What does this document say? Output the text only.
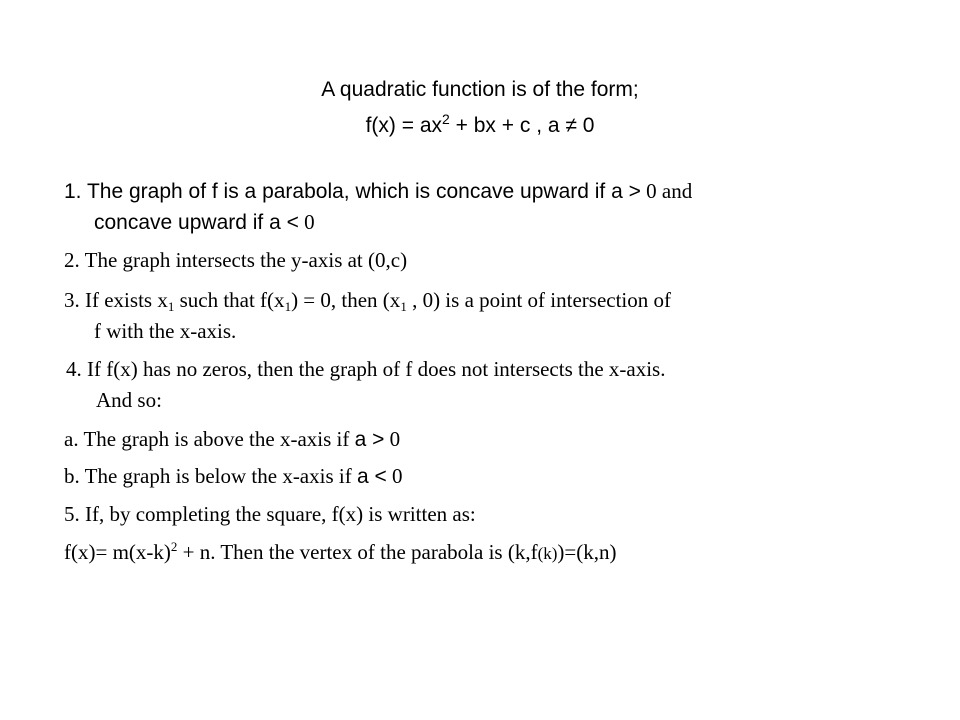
A quadratic function is of the form;
$f(x) = ax^2$ + bx + c , a ≠ 0
1. The graph of f is a parabola, which is concave upward if a > 0 and
concave upward if a < 0
2. The graph intersects the y-axis at (0,c)
3. If exists $x_1$ such that $f(x_1) = 0$, then ($x_1$ , 0) is a point of intersection of
f with the x-axis.
4. If f(x) has no zeros, then the graph of f does not intersects the x-axis.
And so:
a. The graph is above the x-axis if a > 0
b. The graph is below the x-axis if a < 0
5. If, by completing the square, f(x) is written as:
$f(x)= m(x-k)^2 + n$. Then the vertex of the parabola is (k,f(k))=(k,n)
